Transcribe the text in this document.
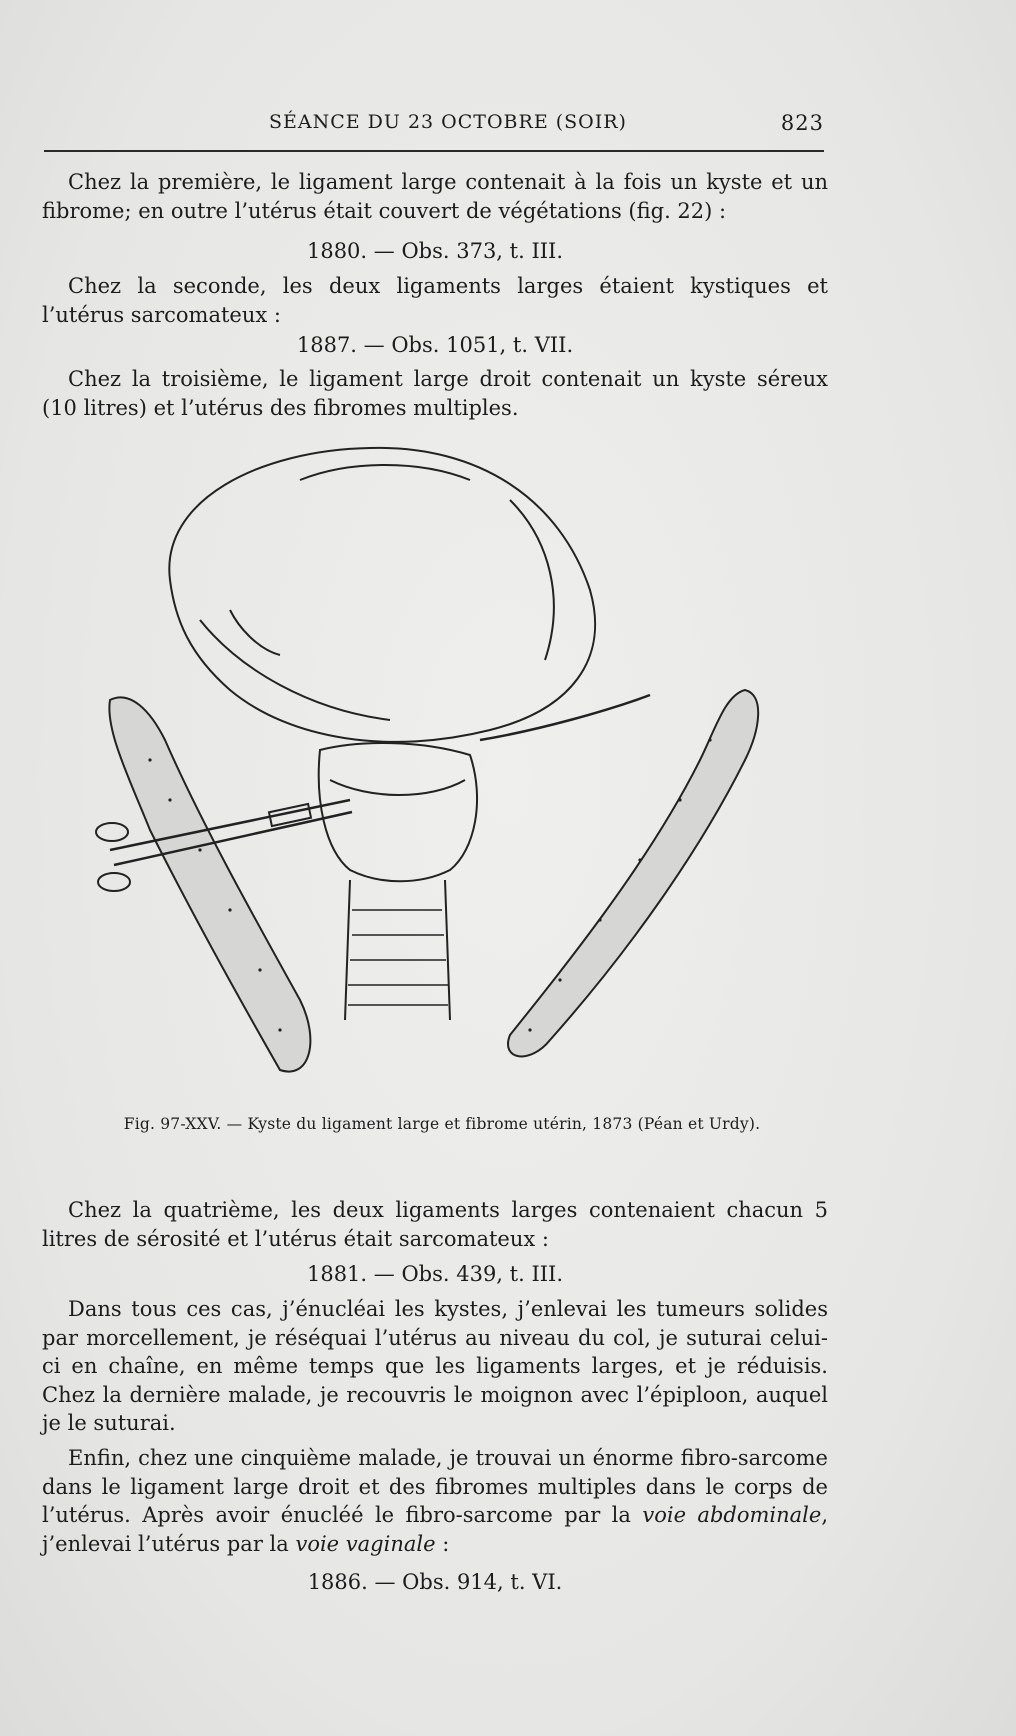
SÉANCE DU 23 OCTOBRE (SOIR)	823
Chez la première, le ligament large contenait à la fois un kyste et un fibrome; en outre l’utérus était couvert de végétations (fig. 22) :
1880. — Obs. 373, t. III.
Chez la seconde, les deux ligaments larges étaient kystiques et l’utérus sarcomateux :
1887. — Obs. 1051, t. VII.
Chez la troisième, le ligament large droit contenait un kyste séreux (10 litres) et l’utérus des fibromes multiples.
Fig. 97-XXV. — Kyste du ligament large et fibrome utérin, 1873 (Péan et Urdy).
Chez la quatrième, les deux ligaments larges contenaient chacun 5 litres de sérosité et l’utérus était sarcomateux :
1881. — Obs. 439, t. III.
Dans tous ces cas, j’énucléai les kystes, j’enlevai les tumeurs solides par morcellement, je réséquai l’utérus au niveau du col, je suturai celui-ci en chaîne, en même temps que les ligaments larges, et je réduisis. Chez la dernière malade, je recouvris le moignon avec l’épiploon, auquel je le suturai.
Enfin, chez une cinquième malade, je trouvai un énorme fibro-sarcome dans le ligament large droit et des fibromes multiples dans le corps de l’utérus. Après avoir énucléé le fibro-sarcome par la voie abdominale, j’enlevai l’utérus par la voie vaginale :
1886. — Obs. 914, t. VI.
